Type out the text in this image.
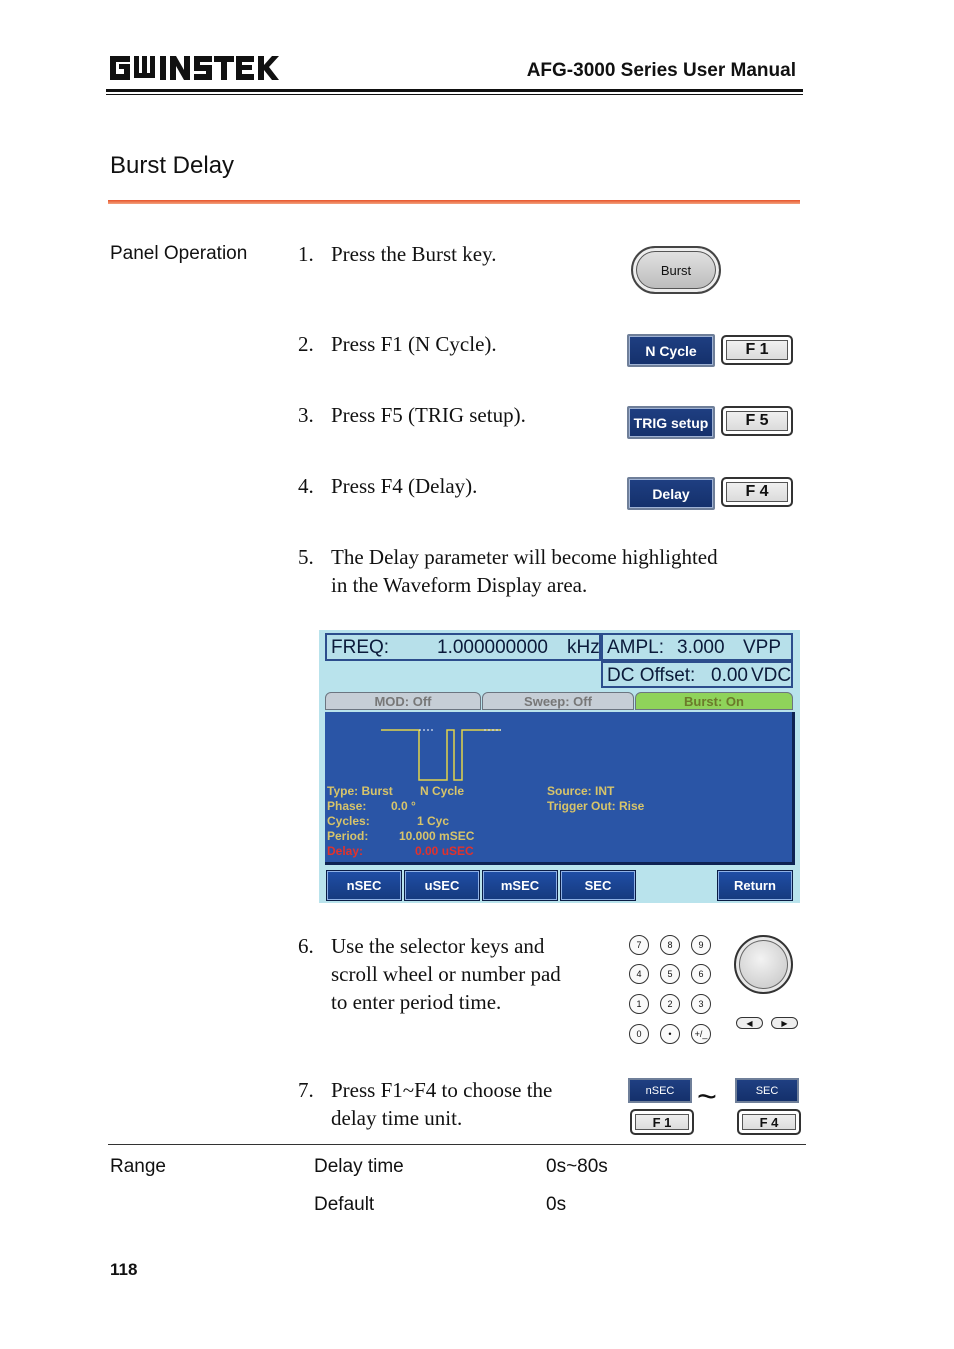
AFG-3000 Series User Manual
Burst Delay
Panel Operation 1. Press the Burst key.
Burst
2. Press F1 (N Cycle).	N Cycle	F 1
3. Press F5 (TRIG setup).	TRIG setup	F 5
4. Press F4 (Delay).	Delay	F 4
5. The Delay parameter will become highlighted
in the Waveform Display area.
FREQ:	1.000000000 kHz AMPL: 3.000 VPP
DC Offset: 0.00 VDC
MOD: Off	Sweep: Off	Burst: On
Type: Burst N Cycle	Source: INT
Phase: 0.0 °	Trigger Out: Rise
Cycles:	1 Cyc
Period:	10.000 mSEC
Delay:	0.00 uSEC
nSEC	uSEC	mSEC	SEC	Return
6. Use the selector keys and
scroll wheel or number pad
to enter period time.
7	8	9
4	5	6
1	2	3
0	•	+/_
◀	▶
7. Press F1~F4 to choose the
delay time unit.
nSEC
F 1
~	SEC
F 4
Range	Delay time	0s~80s
Default	0s
118
